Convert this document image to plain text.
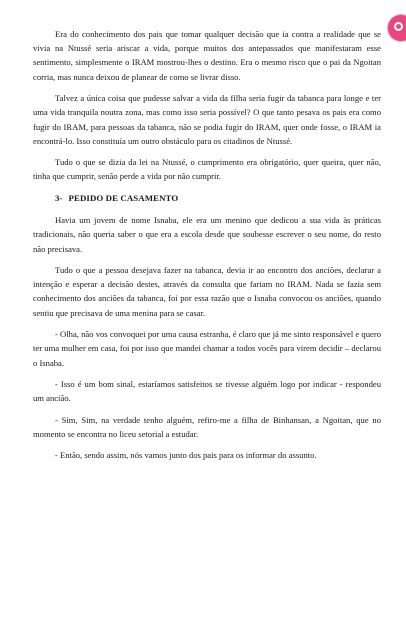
Era do conhecimento dos pais que tomar qualquer decisão que ia contra a realidade que se vivia na Ntussé seria ariscar a vida, porque muitos dos antepassados que manifestaram esse sentimento, simplesmente o IRAM mostrou-lhes o destino. Era o mesmo risco que o pai da Ngoitan corria, mas nunca deixou de planear de como se livrar disso.

Talvez a única coisa que pudesse salvar a vida da filha seria fugir da tabanca para longe e ter uma vida tranquila noutra zona, mas como isso seria possível? O que tanto pesava os pais era como fugir do IRAM, para pessoas da tabanca, não se podia fugir do IRAM, quer onde fosse, o IRAM ia encontrá-lo. Isso constituía um outro obstáculo para os citadinos de Ntussé.

Tudo o que se dizia da lei na Ntussé, o cumprimento era obrigatório, quer queira, quer não, tinha que cumprir, senão perde a vida por não cumprir.

3- PEDIDO DE CASAMENTO

Havia um jovem de nome Isnaba, ele era um menino que dedicou a sua vida às práticas tradicionais, não queria saber o que era a escola desde que soubesse escrever o seu nome, do resto não precisava.

Tudo o que a pessoa desejava fazer na tabanca, devia ir ao encontro dos anciões, declarar a intenção e esperar a decisão destes, através da consulta que fariam no IRAM. Nada se fazia sem conhecimento dos anciões da tabanca, foi por essa razão que o Isnaba convocou os anciões, quando sentiu que precisava de uma menina para se casar.

- Olha, não vos convoquei por uma causa estranha, é claro que já me sinto responsável e quero ter uma mulher em casa, foi por isso que mandei chamar a todos vocês para virem decidir – declarou o Isnaba.

- Isso é um bom sinal, estaríamos satisfeitos se tivesse alguém logo por indicar - respondeu um ancião.

- Sim, Sim, na verdade tenho alguém, refiro-me a filha de Binhansan, a Ngoitan, que no momento se encontra no liceu setorial a estudar.

- Então, sendo assim, nós vamos junto dos pais para os informar do assunto.
